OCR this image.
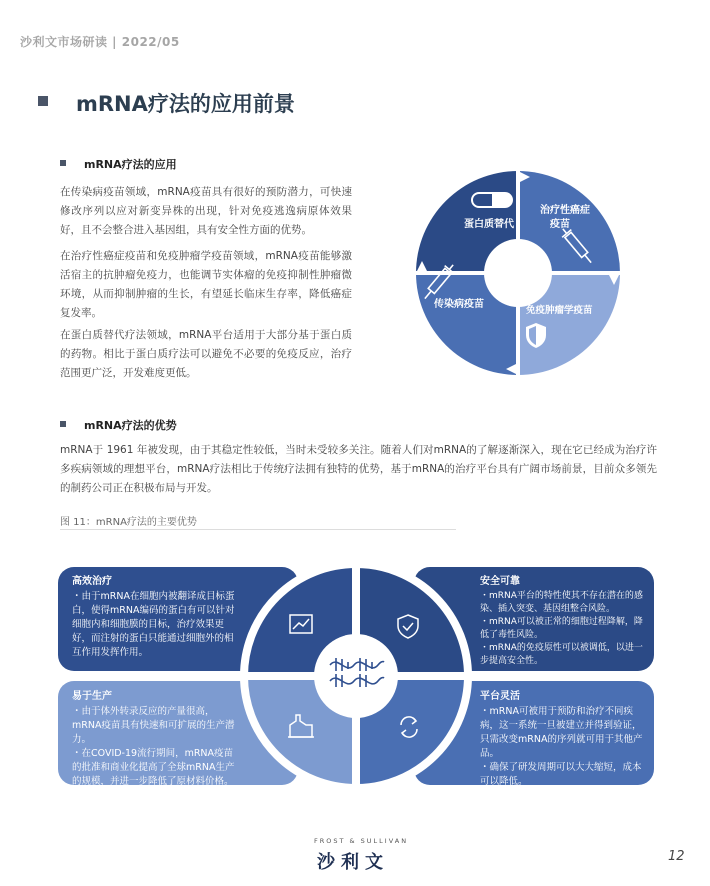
沙利文市场研读 | 2022/05
mRNA疗法的应用前景
mRNA疗法的应用
在传染病疫苗领域，mRNA疫苗具有很好的预防潜力，可快速修改序列以应对新变异株的出现，针对免疫逃逸病原体效果好，且不会整合进入基因组，具有安全性方面的优势。
在治疗性癌症疫苗和免疫肿瘤学疫苗领域，mRNA疫苗能够激活宿主的抗肿瘤免疫力，也能调节实体瘤的免疫抑制性肿瘤微环境，从而抑制肿瘤的生长，有望延长临床生存率，降低癌症复发率。
在蛋白质替代疗法领域，mRNA平台适用于大部分基于蛋白质的药物。相比于蛋白质疗法可以避免不必要的免疫反应，治疗范围更广泛，开发难度更低。
蛋白质替代
治疗性癌症
疫苗
传染病疫苗
免疫肿瘤学疫苗
mRNA疗法的优势
mRNA于 1961 年被发现，由于其稳定性较低，当时未受较多关注。随着人们对mRNA的了解逐渐深入，现在它已经成为治疗许多疾病领域的理想平台，mRNA疗法相比于传统疗法拥有独特的优势，基于mRNA的治疗平台具有广阔市场前景，目前众多领先的制药公司正在积极布局与开发。
图 11：mRNA疗法的主要优势
高效治疗
・由于mRNA在细胞内被翻译成目标蛋白，使得mRNA编码的蛋白有可以针对细胞内和细胞膜的目标，治疗效果更好，而注射的蛋白只能通过细胞外的相互作用发挥作用。
安全可靠
・mRNA平台的特性使其不存在潜在的感染、插入突变、基因组整合风险。
・mRNA可以被正常的细胞过程降解，降低了毒性风险。
・mRNA的免疫原性可以被调低，以进一步提高安全性。
易于生产
・由于体外转录反应的产量很高，mRNA疫苗具有快速和可扩展的生产潜力。
・在COVID-19流行期间，mRNA疫苗的批准和商业化提高了全球mRNA生产的规模，并进一步降低了原材料价格。
平台灵活
・mRNA可被用于预防和治疗不同疾病，这一系统一旦被建立并得到验证，只需改变mRNA的序列就可用于其他产品。
・确保了研发周期可以大大缩短，成本可以降低。
FROST & SULLIVAN
沙利文	12
